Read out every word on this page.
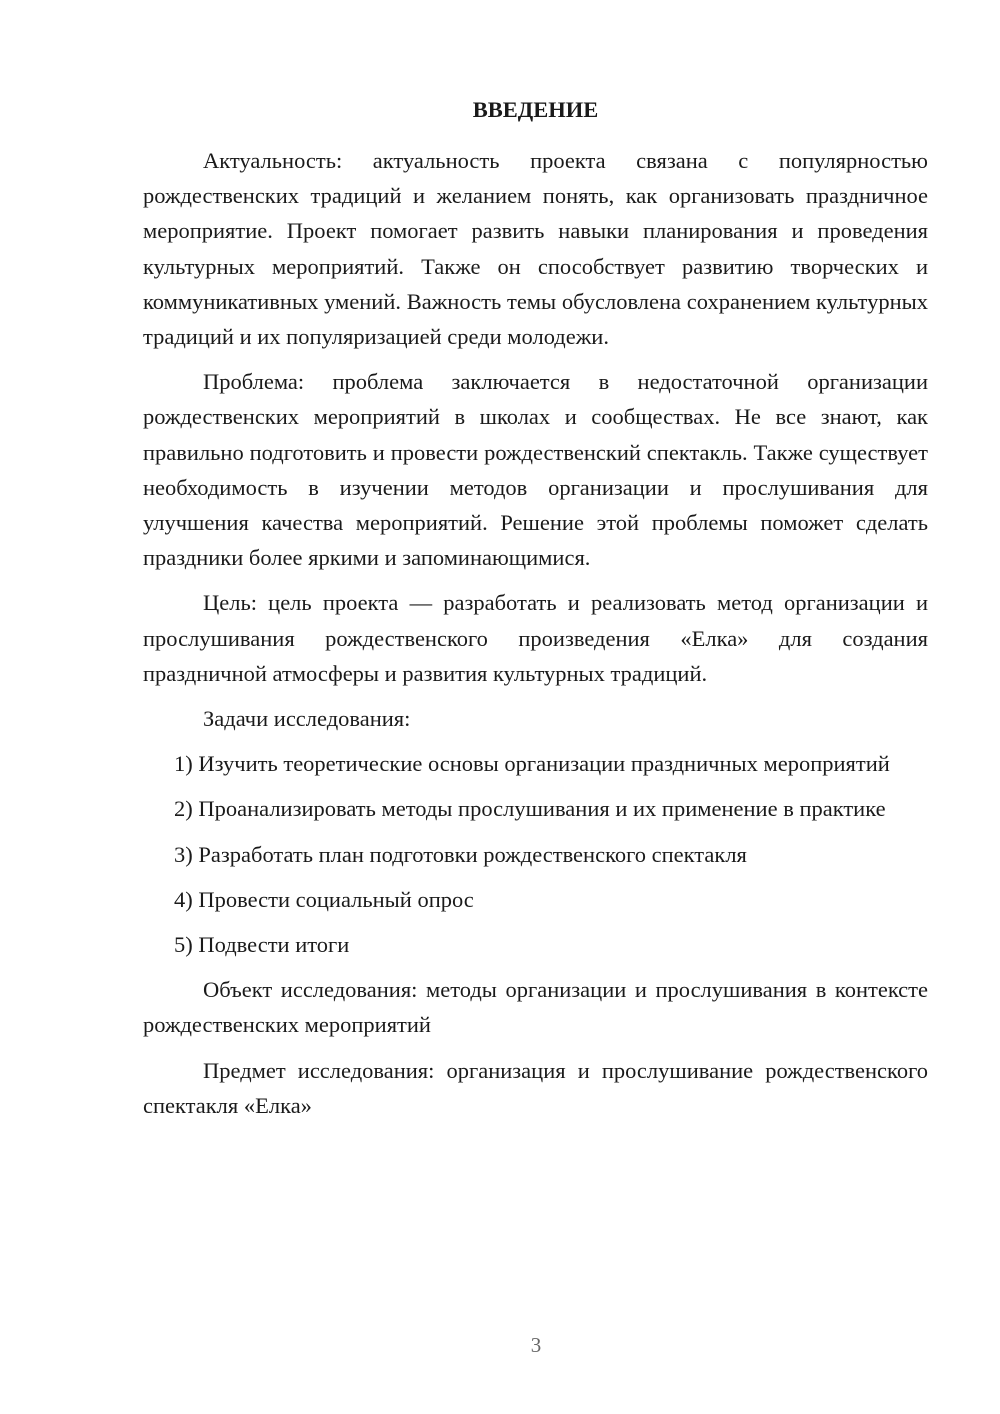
ВВЕДЕНИЕ

Актуальность: актуальность проекта связана с популярностью рождественских традиций и желанием понять, как организовать праздничное мероприятие. Проект помогает развить навыки планирования и проведения культурных мероприятий. Также он способствует развитию творческих и коммуникативных умений. Важность темы обусловлена сохранением культурных традиций и их популяризацией среди молодежи.

Проблема: проблема заключается в недостаточной организации рождественских мероприятий в школах и сообществах. Не все знают, как правильно подготовить и провести рождественский спектакль. Также существует необходимость в изучении методов организации и прослушивания для улучшения качества мероприятий. Решение этой проблемы поможет сделать праздники более яркими и запоминающимися.

Цель: цель проекта — разработать и реализовать метод организации и прослушивания рождественского произведения «Елка» для создания праздничной атмосферы и развития культурных традиций.

Задачи исследования:

1) Изучить теоретические основы организации праздничных мероприятий

2) Проанализировать методы прослушивания и их применение в практике

3) Разработать план подготовки рождественского спектакля

4) Провести социальный опрос

5) Подвести итоги

Объект исследования: методы организации и прослушивания в контексте рождественских мероприятий

Предмет исследования: организация и прослушивание рождественского спектакля «Елка»

3
